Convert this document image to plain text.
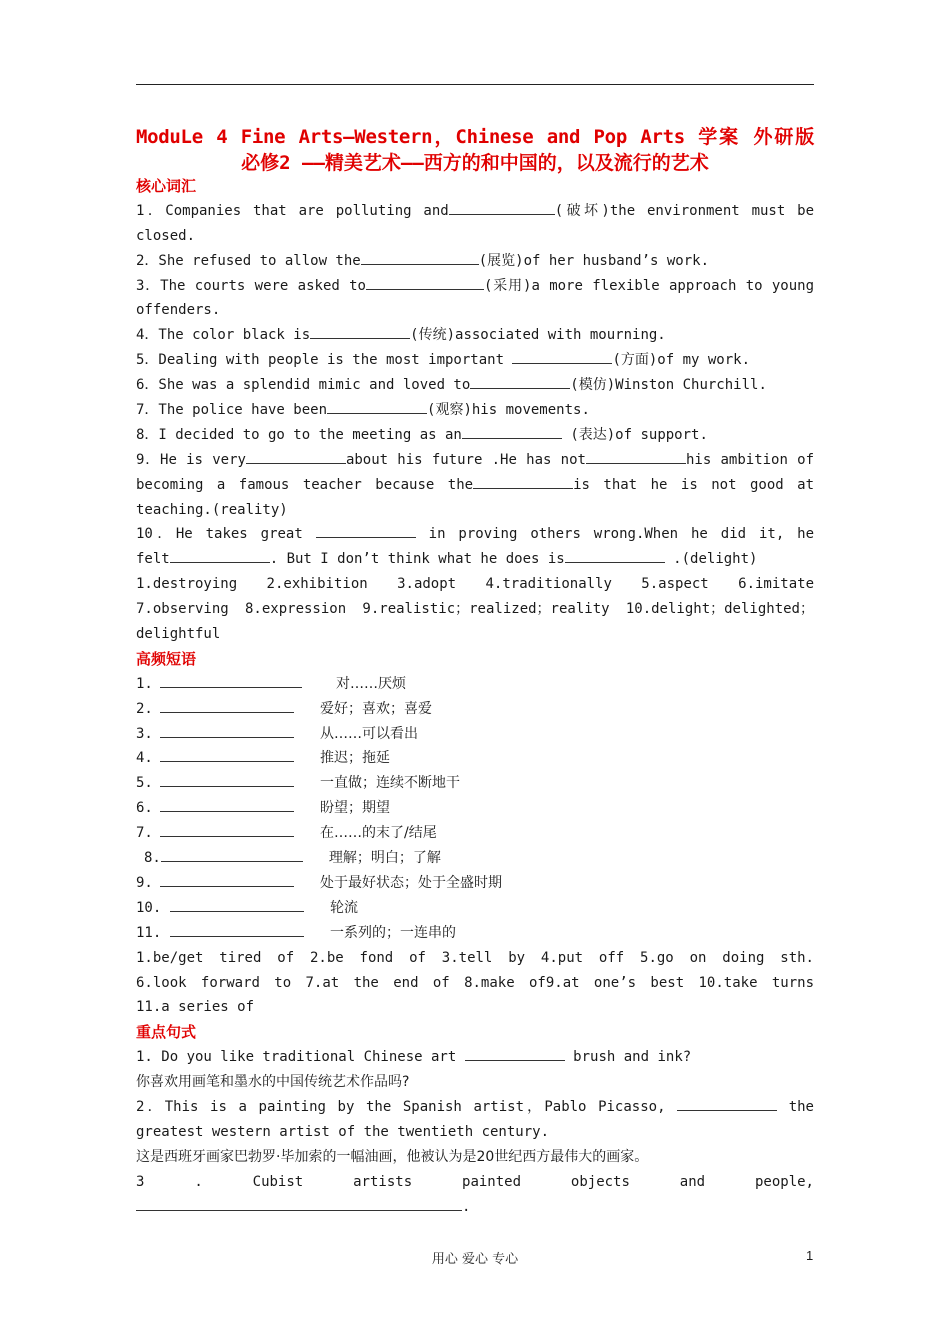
ModuLe 4 Fine Arts—Western，Chinese and Pop Arts 学案 外研版
必修2 ——精美艺术——西方的和中国的，以及流行的艺术
核心词汇
1．Companies that are polluting and	(破坏)the environment must be
closed.
2．She refused to allow the	(展览)of her husband’s work.
3．The courts were asked to	(采用)a more flexible approach to young
offenders.
4．The color black is	(传统)associated with mourning.
5．Dealing with people is the most important	(方面)of my work.
6．She was a splendid mimic and loved to	(模仿)Winston Churchill.
7．The police have been	(观察)his movements.
8．I decided to go to the meeting as an	(表达)of support.
9．He is very	about his future .He has not	his ambition of
becoming a famous teacher because the	is that he is not good at
teaching.(reality)
10．He takes great	in proving others wrong.When he did it, he
felt	. But I don’t think what he does is	.(delight)
1.destroying 2.exhibition 3.adopt 4.traditionally 5.aspect 6.imitate
7.observing 8.expression 9.realistic；realized；reality 10.delight；delighted；
delightful
高频短语
1.	对……厌烦
2.	爱好；喜欢；喜爱
3.	从……可以看出
4.	推迟；拖延
5.	一直做；连续不断地干
6.	盼望；期望
7.	在……的末了/结尾
8.	理解；明白；了解
9.	处于最好状态；处于全盛时期
10.	轮流
11.	一系列的；一连串的
1.be/get tired of 2.be fond of 3.tell by 4.put off 5.go on doing sth.
6.look forward to 7.at the end of 8.make of9.at one’s best 10.take turns
11.a series of
重点句式
1. Do you like traditional Chinese art	brush and ink?
你喜欢用画笔和墨水的中国传统艺术作品吗?
2．This is a painting by the Spanish artist，Pablo Picasso,	the
greatest western artist of the twentieth century.
这是西班牙画家巴勃罗·毕加索的一幅油画，他被认为是20世纪西方最伟大的画家。
3 . Cubist artists painted objects and people,
.
用心 爱心 专心	1
